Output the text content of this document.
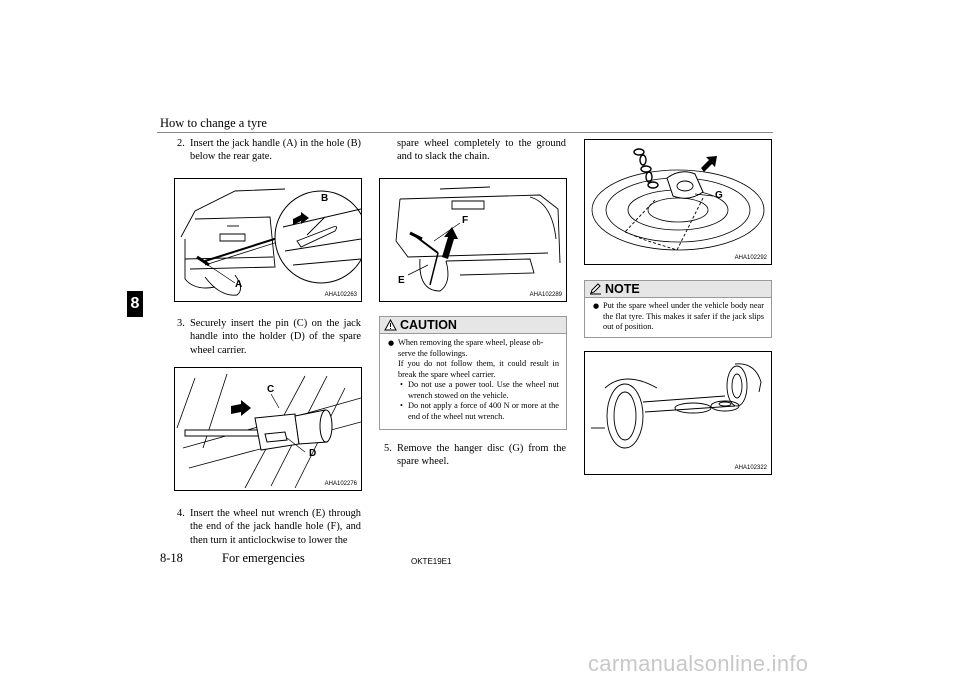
How to change a tyre
8
2. Insert the jack handle (A) in the hole (B) below the rear gate.
B
A
AHA102263
3. Securely insert the pin (C) on the jack handle into the holder (D) of the spare wheel carrier.
C
D
AHA102276
4. Insert the wheel nut wrench (E) through the end of the jack handle hole (F), and then turn it anticlockwise to lower the
spare wheel completely to the ground and to slack the chain.
F
E
AHA102289
CAUTION
● When removing the spare wheel, please ob-
serve the followings.
If you do not follow them, it could result in break the spare wheel carrier.
• Do not use a power tool. Use the wheel nut wrench stowed on the vehicle.
• Do not apply a force of 400 N or more at the end of the wheel nut wrench.
5. Remove the hanger disc (G) from the spare wheel.
G
AHA102292
NOTE
● Put the spare wheel under the vehicle body near the flat tyre. This makes it safer if the jack slips out of position.
AHA102322
8-18	For emergencies	OKTE19E1
carmanualsonline.info
